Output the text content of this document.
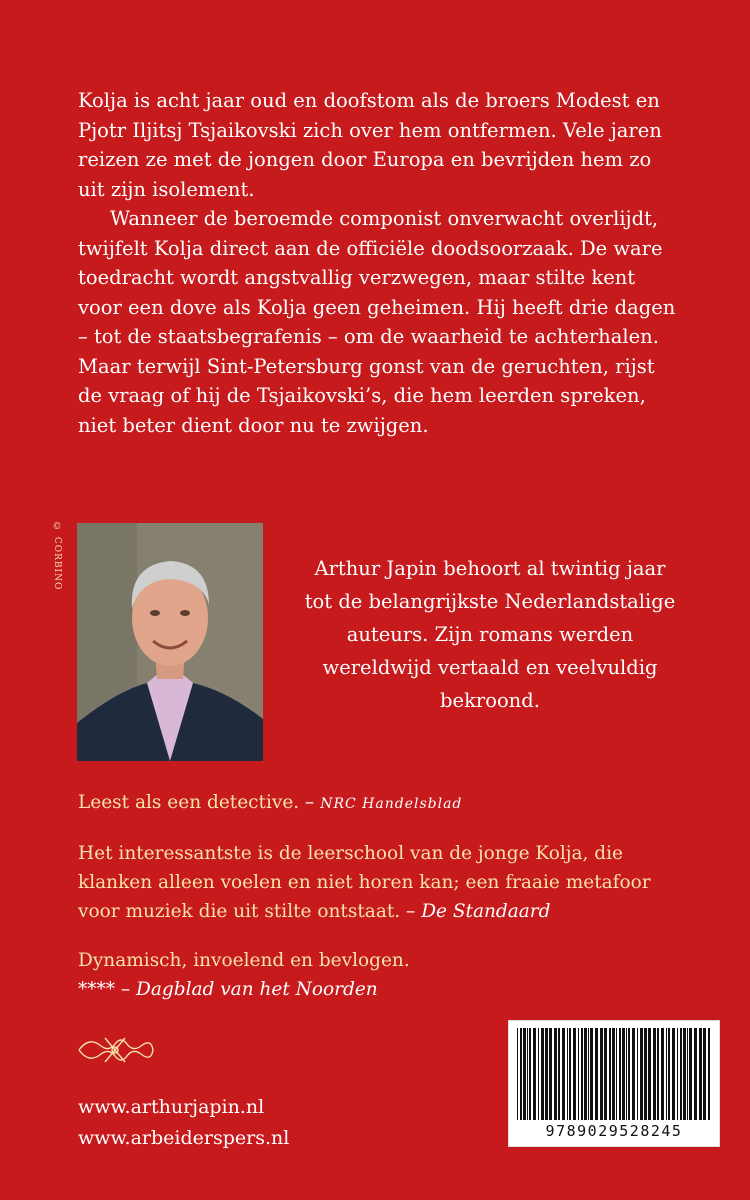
Kolja is acht jaar oud en doofstom als de broers Modest en Pjotr Iljitsj Tsjaikovski zich over hem ontfermen. Vele jaren reizen ze met de jongen door Europa en bevrijden hem zo uit zijn isolement.

Wanneer de beroemde componist onverwacht overlijdt, twijfelt Kolja direct aan de officiële doodsoorzaak. De ware toedracht wordt angstvallig verzwegen, maar stilte kent voor een dove als Kolja geen geheimen. Hij heeft drie dagen – tot de staatsbegrafenis – om de waarheid te achterhalen. Maar terwijl Sint-Petersburg gonst van de geruchten, rijst de vraag of hij de Tsjaikovski’s, die hem leerden spreken, niet beter dient door nu te zwijgen.

© CORBINO	Arthur Japin behoort al twintig jaar tot de belangrijkste Nederlandstalige auteurs. Zijn romans werden wereldwijd vertaald en veelvuldig bekroond.

Leest als een detective. – NRC Handelsblad

Het interessantste is de leerschool van de jonge Kolja, die klanken alleen voelen en niet horen kan; een fraaie metafoor voor muziek die uit stilte ontstaat. – De Standaard

Dynamisch, invoelend en bevlogen.
**** – Dagblad van het Noorden

www.arthurjapin.nl
www.arbeiderspers.nl	9789029528245
